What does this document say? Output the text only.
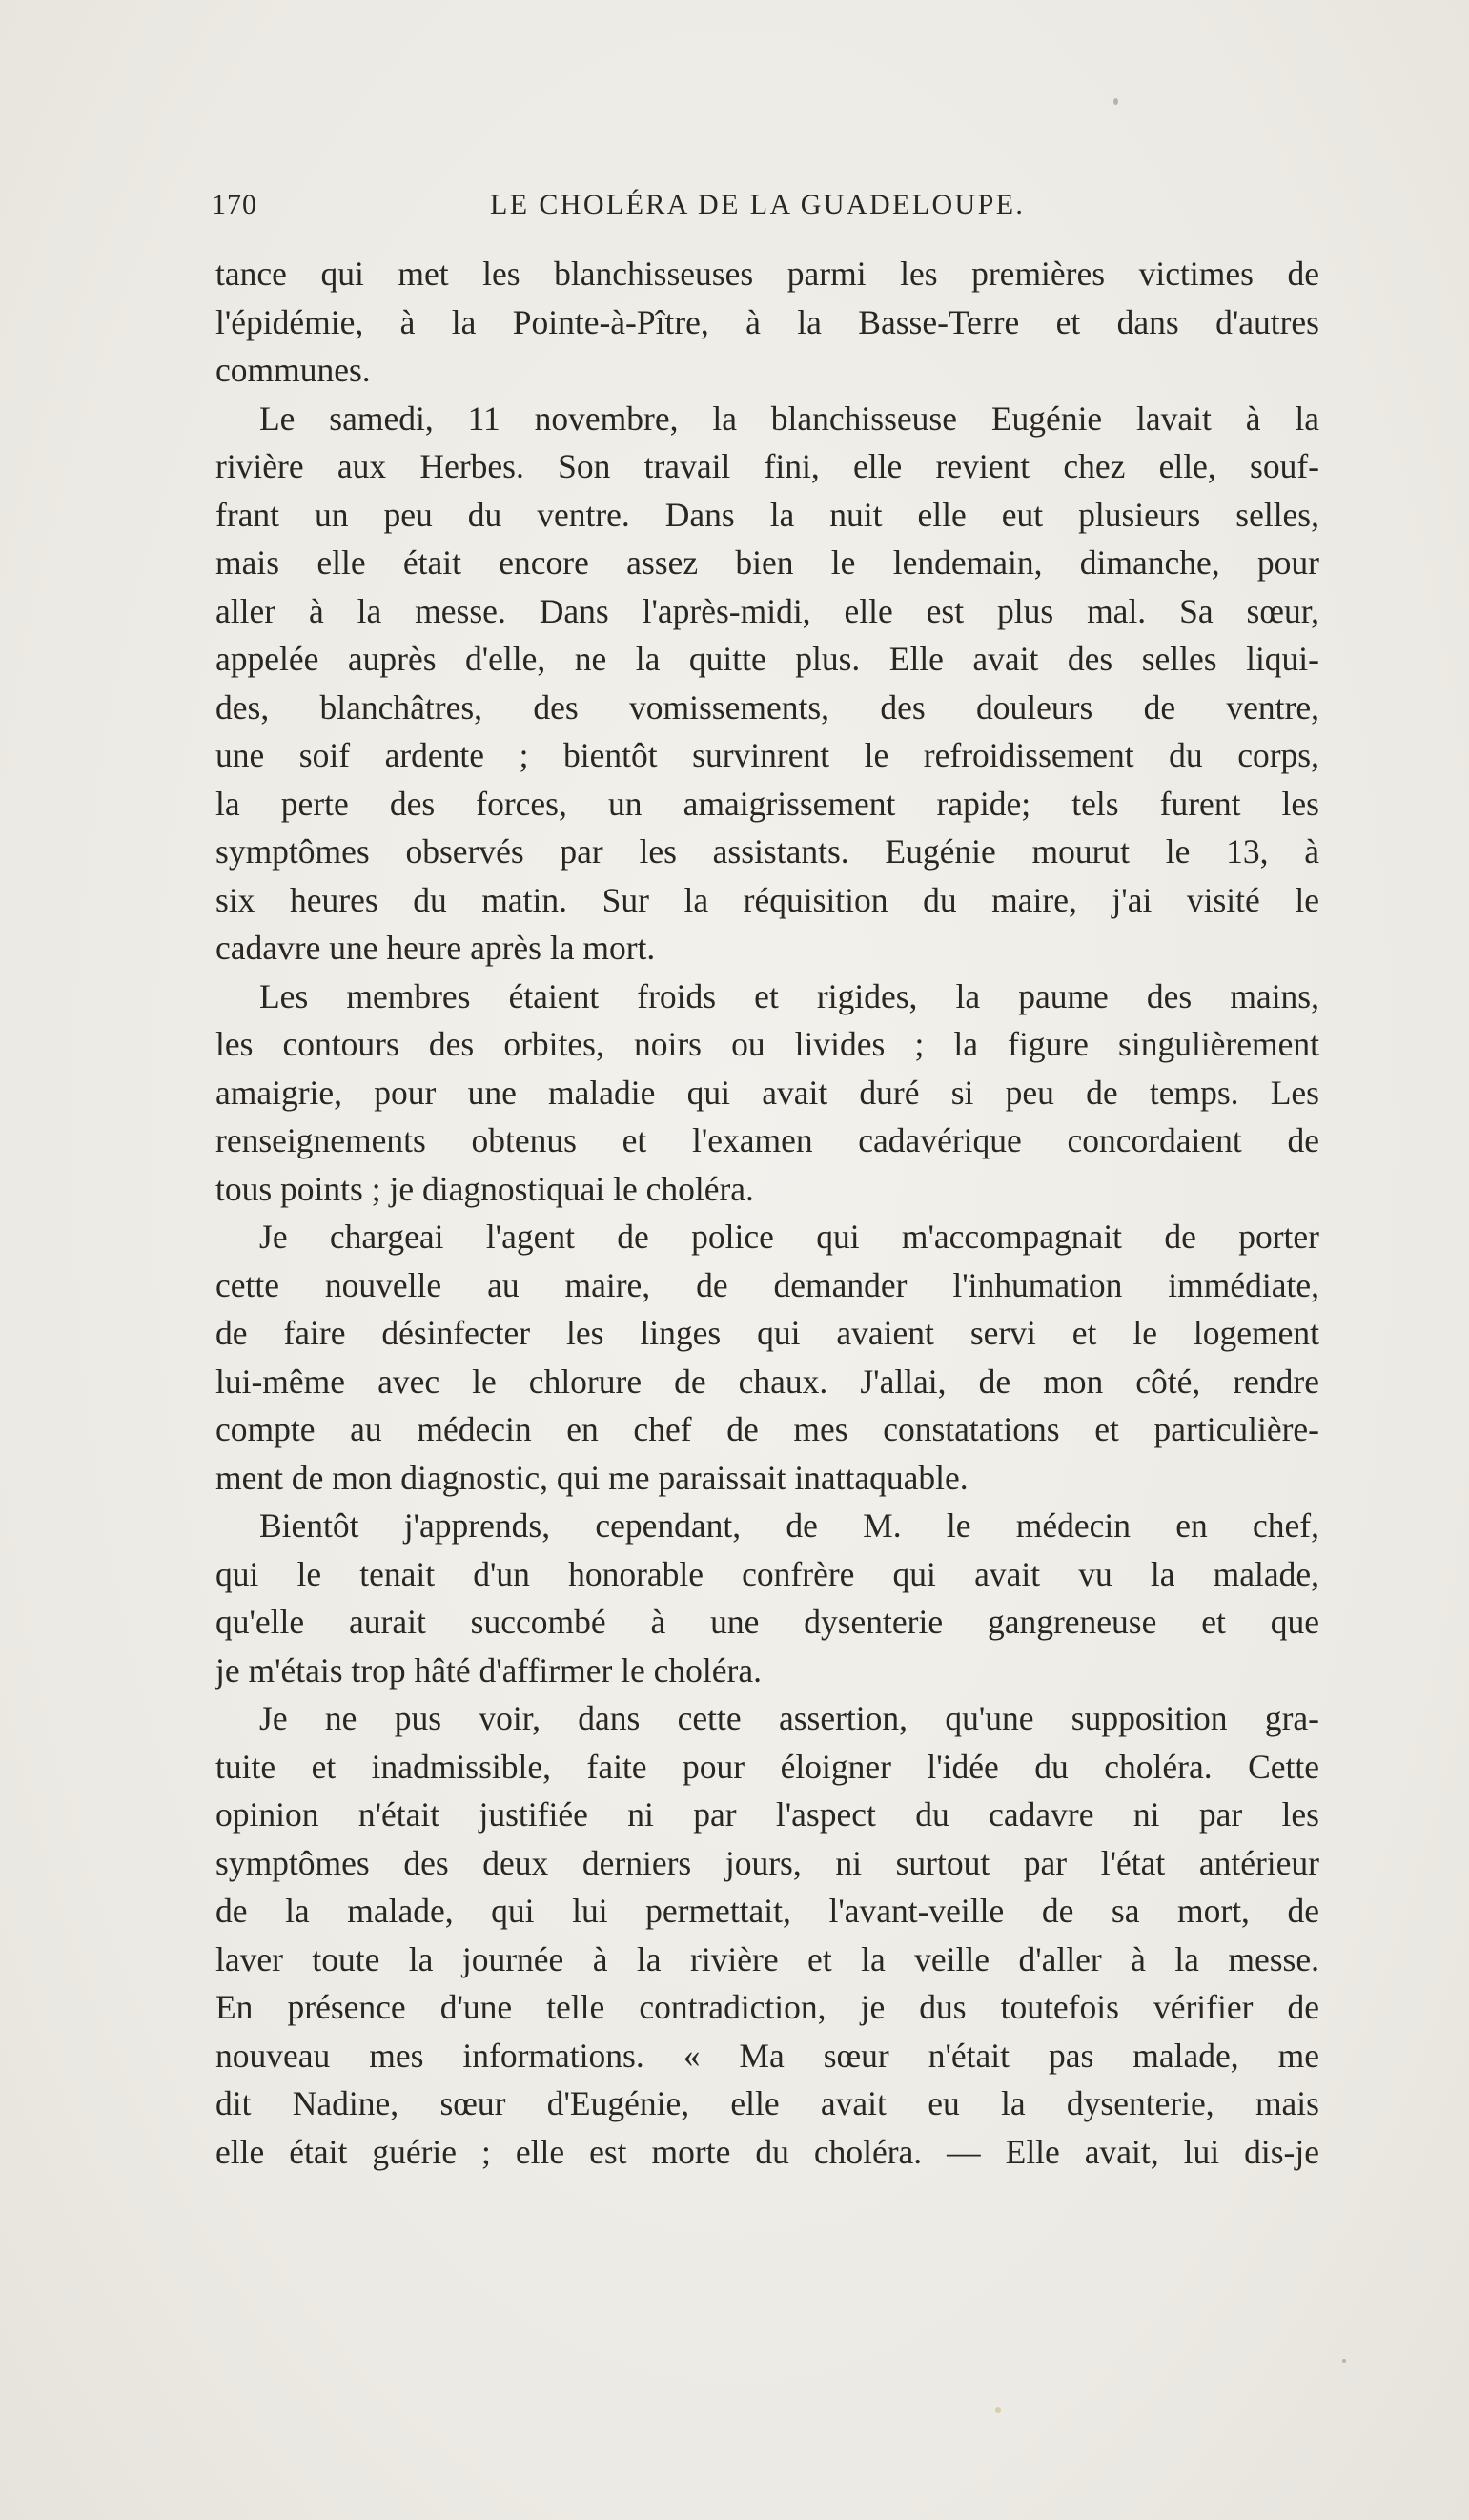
170	LE CHOLÉRA DE LA GUADELOUPE.
tance qui met les blanchisseuses parmi les premières victimes de
l'épidémie, à la Pointe-à-Pître, à la Basse-Terre et dans d'autres
communes.
Le samedi, 11 novembre, la blanchisseuse Eugénie lavait à la
rivière aux Herbes. Son travail fini, elle revient chez elle, souf-
frant un peu du ventre. Dans la nuit elle eut plusieurs selles,
mais elle était encore assez bien le lendemain, dimanche, pour
aller à la messe. Dans l'après-midi, elle est plus mal. Sa sœur,
appelée auprès d'elle, ne la quitte plus. Elle avait des selles liqui-
des, blanchâtres, des vomissements, des douleurs de ventre,
une soif ardente ; bientôt survinrent le refroidissement du corps,
la perte des forces, un amaigrissement rapide; tels furent les
symptômes observés par les assistants. Eugénie mourut le 13, à
six heures du matin. Sur la réquisition du maire, j'ai visité le
cadavre une heure après la mort.
Les membres étaient froids et rigides, la paume des mains,
les contours des orbites, noirs ou livides ; la figure singulièrement
amaigrie, pour une maladie qui avait duré si peu de temps. Les
renseignements obtenus et l'examen cadavérique concordaient de
tous points ; je diagnostiquai le choléra.
Je chargeai l'agent de police qui m'accompagnait de porter
cette nouvelle au maire, de demander l'inhumation immédiate,
de faire désinfecter les linges qui avaient servi et le logement
lui-même avec le chlorure de chaux. J'allai, de mon côté, rendre
compte au médecin en chef de mes constatations et particulière-
ment de mon diagnostic, qui me paraissait inattaquable.
Bientôt j'apprends, cependant, de M. le médecin en chef,
qui le tenait d'un honorable confrère qui avait vu la malade,
qu'elle aurait succombé à une dysenterie gangreneuse et que
je m'étais trop hâté d'affirmer le choléra.
Je ne pus voir, dans cette assertion, qu'une supposition gra-
tuite et inadmissible, faite pour éloigner l'idée du choléra. Cette
opinion n'était justifiée ni par l'aspect du cadavre ni par les
symptômes des deux derniers jours, ni surtout par l'état antérieur
de la malade, qui lui permettait, l'avant-veille de sa mort, de
laver toute la journée à la rivière et la veille d'aller à la messe.
En présence d'une telle contradiction, je dus toutefois vérifier de
nouveau mes informations. « Ma sœur n'était pas malade, me
dit Nadine, sœur d'Eugénie, elle avait eu la dysenterie, mais
elle était guérie ; elle est morte du choléra. — Elle avait, lui dis-je
